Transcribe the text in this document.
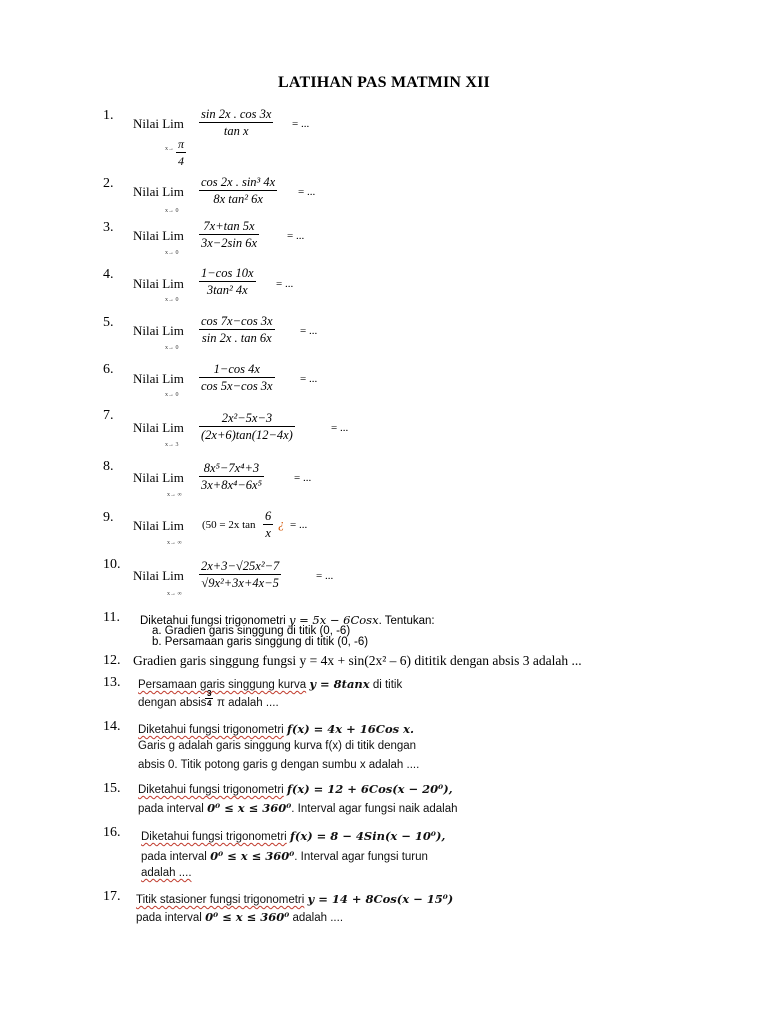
LATIHAN PAS MATMIN XII
1.
Nilai Lim
sin 2x . cos 3x
tan x	= ...
x→ π
4
2.
Nilai Lim
cos 2x . sin³ 4x
8x tan² 6x	= ...
x→ 0
3.
Nilai Lim
7x+tan 5x
3x−2sin 6x	= ...
x→ 0
4.
Nilai Lim
1−cos 10x
3tan² 4x	= ...
x→ 0
5.
Nilai Lim
cos 7x−cos 3x
sin 2x . tan 6x	= ...
x→ 0
6.
Nilai Lim
1−cos 4x
cos 5x−cos 3x = ...
x→ 0
7.
Nilai Lim
2x²−5x−3
(2x+6)tan(12−4x)	= ...
x→ 3
8.
Nilai Lim
8x⁵−7x⁴+3
3x+8x⁴−6x⁵	= ...
x→ ∞
9.
Nilai Lim (50 = 2x tan
6
x
¿ = ...
x→ ∞
10.
Nilai Lim
2x+3−√25x²−7
√9x²+3x+4x−5	= ...
x→ ∞
11. Diketahui fungsi trigonometri y = 5x − 6Cosx. Tentukan:
a. Gradien garis singgung di titik (0, -6)
b. Persamaan garis singgung di titik (0, -6)
12. Gradien garis singgung fungsi y = 4x + sin(2x² – 6) dititik dengan absis 3 adalah ...
13. Persamaan garis singgung kurva y = 8tanx di titik
dengan absis
3
4 π adalah ....
14. Diketahui fungsi trigonometri f(x) = 4x + 16Cos x.
Garis g adalah garis singgung kurva f(x) di titik dengan
absis 0. Titik potong garis g dengan sumbu x adalah ....
15. Diketahui fungsi trigonometri f(x) = 12 + 6Cos(x − 20⁰),
pada interval 0⁰ ≤ x ≤ 360⁰. Interval agar fungsi naik adalah
16. Diketahui fungsi trigonometri f(x) = 8 − 4Sin(x − 10⁰),
pada interval 0⁰ ≤ x ≤ 360⁰. Interval agar fungsi turun
adalah ....
17. Titik stasioner fungsi trigonometri y = 14 + 8Cos(x − 15⁰)
pada interval 0⁰ ≤ x ≤ 360⁰ adalah ....
